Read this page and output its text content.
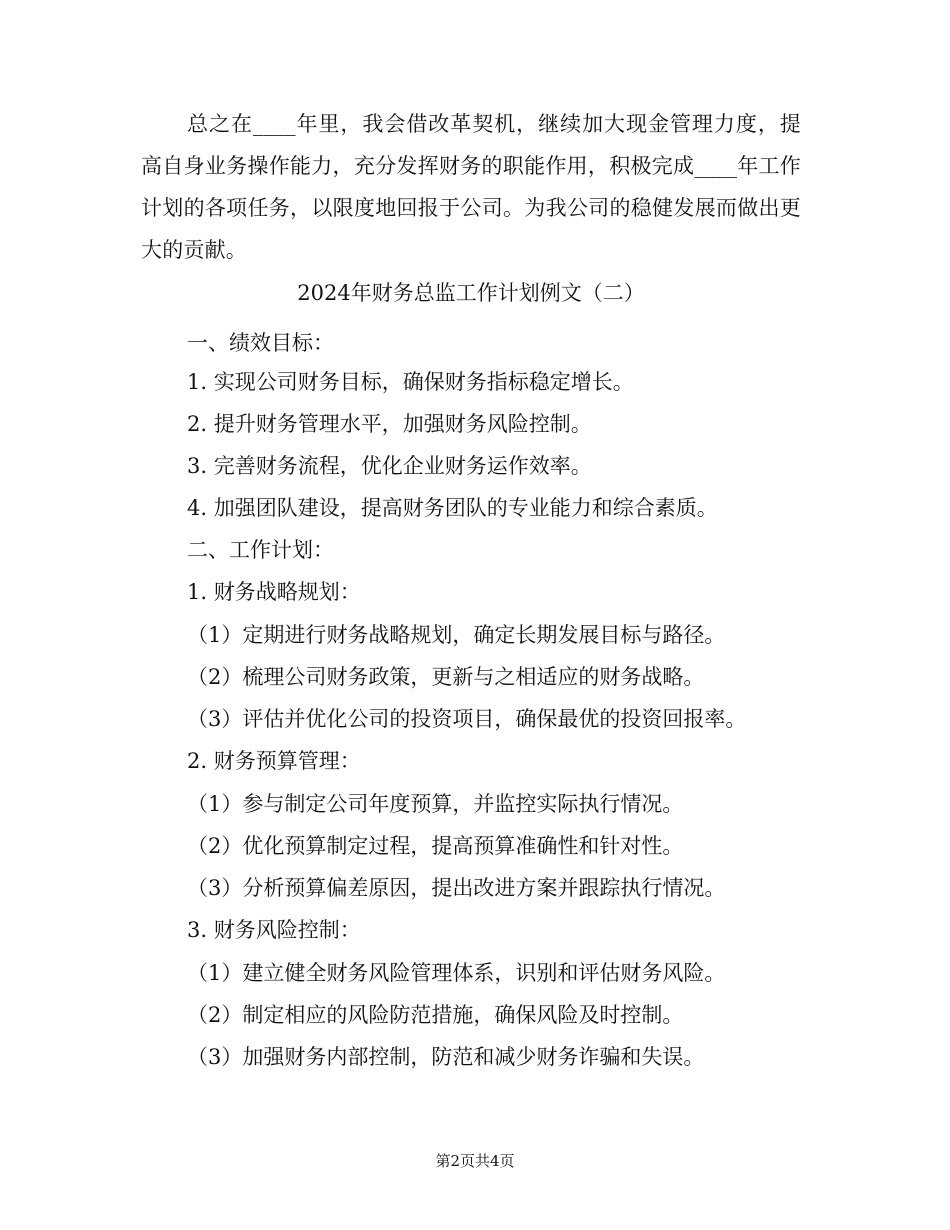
总之在____年里，我会借改革契机，继续加大现金管理力度，提高自身业务操作能力，充分发挥财务的职能作用，积极完成____年工作计划的各项任务，以限度地回报于公司。为我公司的稳健发展而做出更大的贡献。

2024年财务总监工作计划例文（二）

一、绩效目标：

1. 实现公司财务目标，确保财务指标稳定增长。

2. 提升财务管理水平，加强财务风险控制。

3. 完善财务流程，优化企业财务运作效率。

4. 加强团队建设，提高财务团队的专业能力和综合素质。

二、工作计划：

1. 财务战略规划：

（1）定期进行财务战略规划，确定长期发展目标与路径。

（2）梳理公司财务政策，更新与之相适应的财务战略。

（3）评估并优化公司的投资项目，确保最优的投资回报率。

2. 财务预算管理：

（1）参与制定公司年度预算，并监控实际执行情况。

（2）优化预算制定过程，提高预算准确性和针对性。

（3）分析预算偏差原因，提出改进方案并跟踪执行情况。

3. 财务风险控制：

（1）建立健全财务风险管理体系，识别和评估财务风险。

（2）制定相应的风险防范措施，确保风险及时控制。

（3）加强财务内部控制，防范和减少财务诈骗和失误。

第2页共4页
